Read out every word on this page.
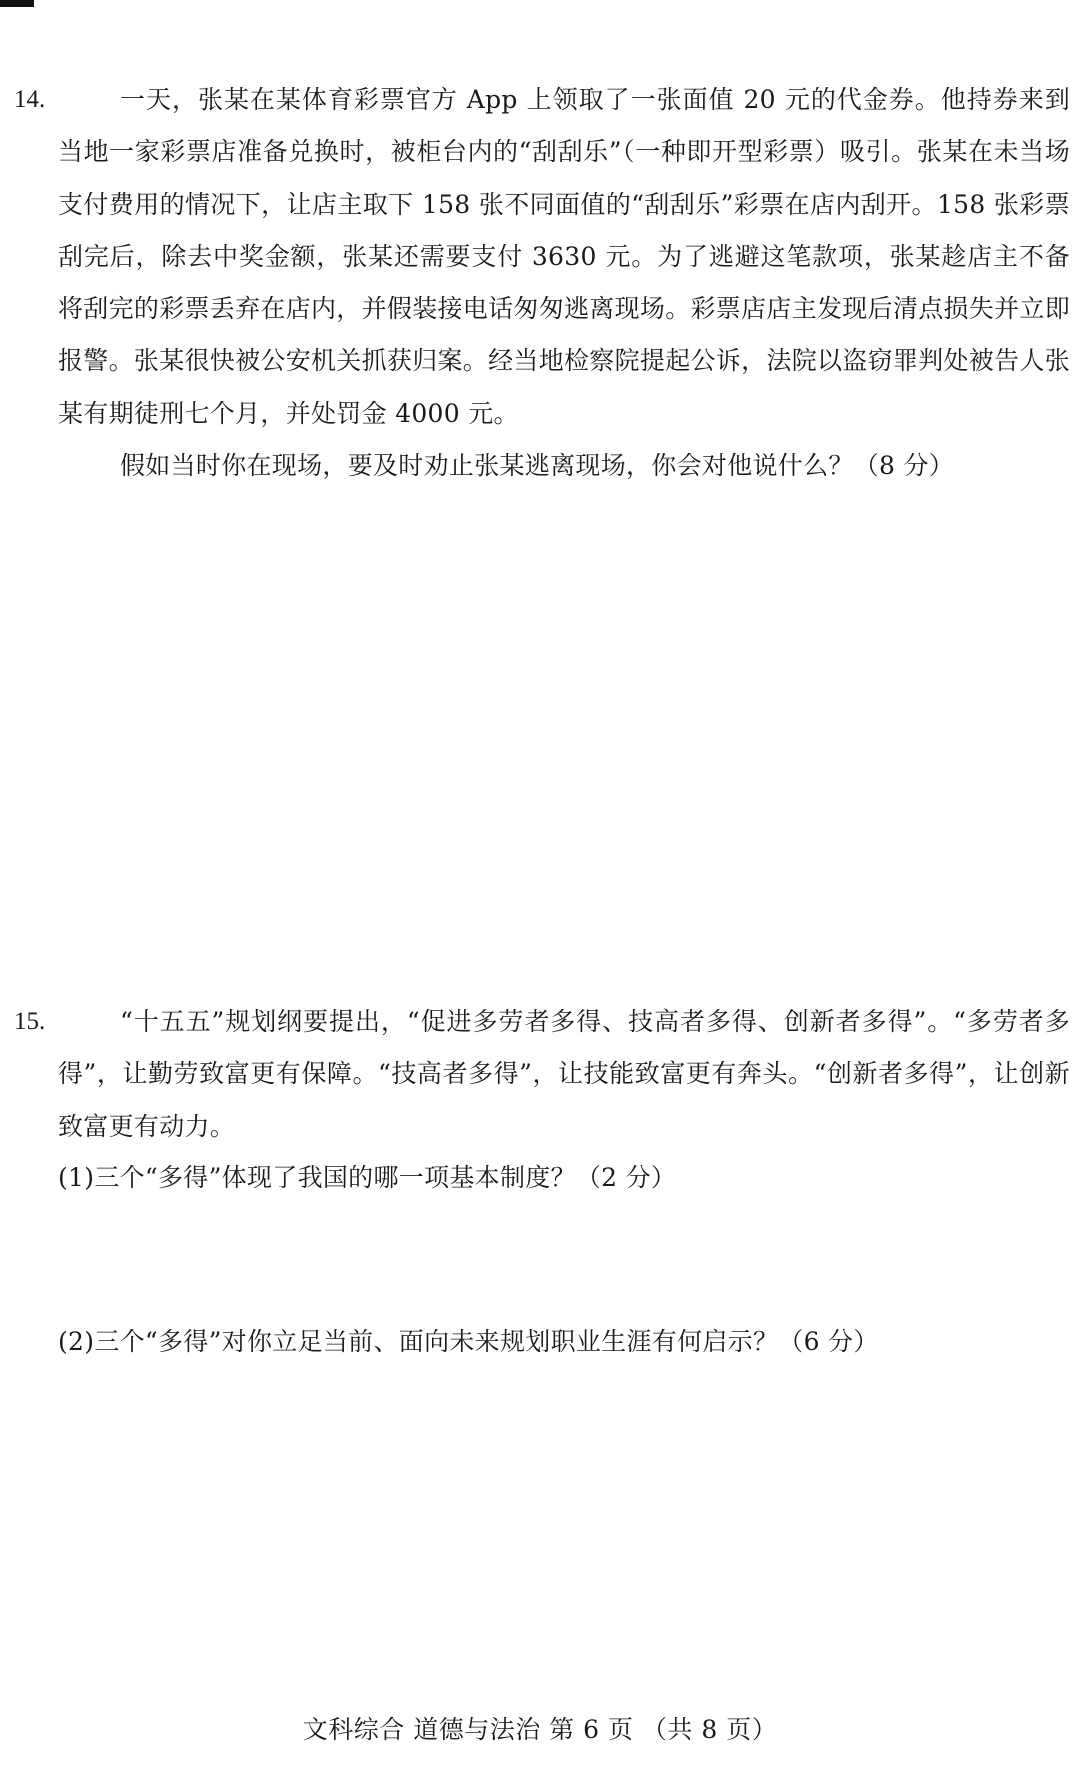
14.	一天，张某在某体育彩票官方 App 上领取了一张面值 20 元的代金券。他持券来到当地一家彩票店准备兑换时，被柜台内的“刮刮乐”（一种即开型彩票）吸引。张某在未当场支付费用的情况下，让店主取下 158 张不同面值的“刮刮乐”彩票在店内刮开。158 张彩票刮完后，除去中奖金额，张某还需要支付 3630 元。为了逃避这笔款项，张某趁店主不备将刮完的彩票丢弃在店内，并假装接电话匆匆逃离现场。彩票店店主发现后清点损失并立即报警。张某很快被公安机关抓获归案。经当地检察院提起公诉，法院以盗窃罪判处被告人张某有期徒刑七个月，并处罚金 4000 元。

假如当时你在现场，要及时劝止张某逃离现场，你会对他说什么？（8 分）

15.	“十五五”规划纲要提出，“促进多劳者多得、技高者多得、创新者多得”。“多劳者多得”，让勤劳致富更有保障。“技高者多得”，让技能致富更有奔头。“创新者多得”，让创新致富更有动力。

(1)三个“多得”体现了我国的哪一项基本制度？（2 分）

(2)三个“多得”对你立足当前、面向未来规划职业生涯有何启示？（6 分）

文科综合 道德与法治 第 6 页 （共 8 页）
